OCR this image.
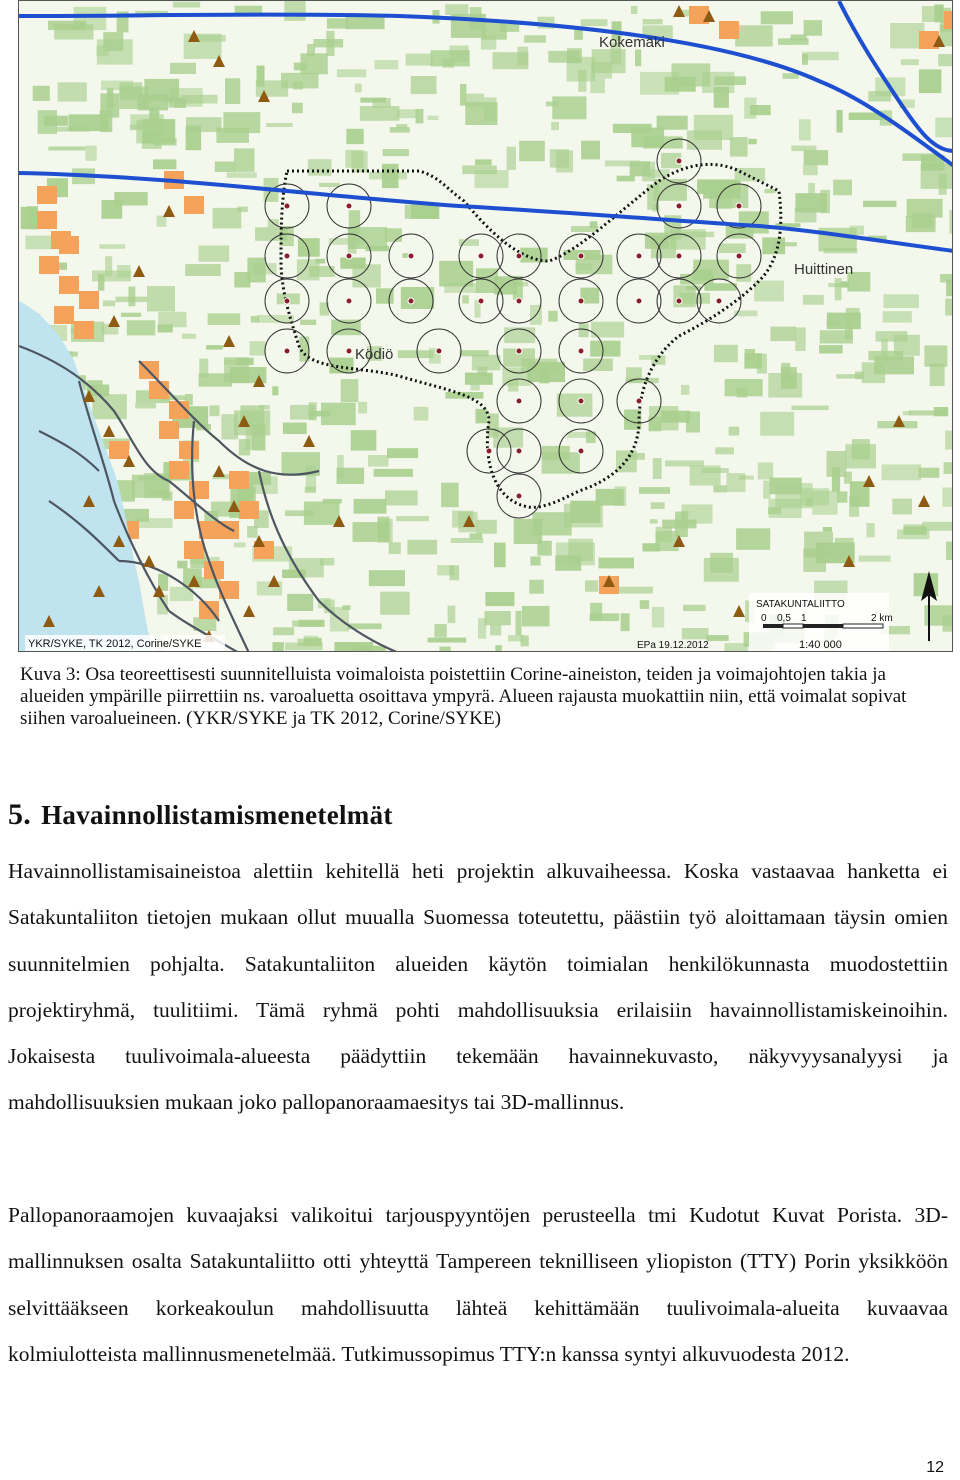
Kokemäki
Huittinen
Ködiö
YKR/SYKE, TK 2012, Corine/SYKE
SATAKUNTALIITTO
0 0,5 1	2 km
1:40 000
EPa 19.12.2012
Kuva 3: Osa teoreettisesti suunnitelluista voimaloista poistettiin Corine-aineiston, teiden ja voimajohtojen takia ja alueiden ympärille piirrettiin ns. varoaluetta osoittava ympyrä. Alueen rajausta muokattiin niin, että voimalat sopivat siihen varoalueineen. (YKR/SYKE ja TK 2012, Corine/SYKE)
5. Havainnollistamismenetelmät
Havainnollistamisaineistoa alettiin kehitellä heti projektin alkuvaiheessa. Koska vastaavaa hanketta ei Satakuntaliiton tietojen mukaan ollut muualla Suomessa toteutettu, päästiin työ aloittamaan täysin omien suunnitelmien pohjalta. Satakuntaliiton alueiden käytön toimialan henkilökunnasta muodostettiin projektiryhmä, tuulitiimi. Tämä ryhmä pohti mahdollisuuksia erilaisiin havainnollistamiskeinoihin. Jokaisesta tuulivoimala-alueesta päädyttiin tekemään havainnekuvasto, näkyvyysanalyysi ja mahdollisuuksien mukaan joko pallopanoraamaesitys tai 3D-mallinnus.
Pallopanoraamojen kuvaajaksi valikoitui tarjouspyyntöjen perusteella tmi Kudotut Kuvat Porista. 3D-mallinnuksen osalta Satakuntaliitto otti yhteyttä Tampereen teknilliseen yliopiston (TTY) Porin yksikköön selvittääkseen korkeakoulun mahdollisuutta lähteä kehittämään tuulivoimala-alueita kuvaavaa kolmiulotteista mallinnusmenetelmää. Tutkimussopimus TTY:n kanssa syntyi alkuvuodesta 2012.
12
